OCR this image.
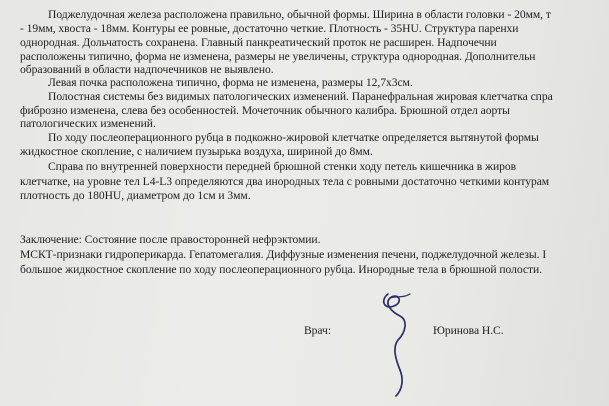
Поджелудочная железа расположена правильно, обычной формы. Ширина в области головки - 20мм, т
- 19мм, хвоста - 18мм. Контуры ее ровные, достаточно четкие. Плотность - 35HU. Структура паренхи
однородная. Дольчатость сохранена. Главный панкреатический проток не расширен. Надпочечни
расположены типично, форма не изменена, размеры не увеличены, структура однородная. Дополнительн
образований в области надпочечников не выявлено.
Левая почка расположена типично, форма не изменена, размеры 12,7х3см.
Полостная системы без видимых патологических изменений. Паранефральная жировая клетчатка спра
фиброзно изменена, слева без особенностей. Мочеточник обычного калибра. Брюшной отдел аорты
патологических изменений.
По ходу послеоперационного рубца в подкожно-жировой клетчатке определяется вытянутой формы
жидкостное скопление, с наличием пузырька воздуха, шириной до 8мм.
Справа по внутренней поверхности передней брюшной стенки ходу петель кишечника в жиров
клетчатке, на уровне тел L4-L3 определяются два инородных тела с ровными достаточно четкими контурам
плотность до 180HU, диаметром до 1см и 3мм.
Заключение: Состояние после правосторонней нефрэктомии.
МСКТ-признаки гидроперикарда. Гепатомегалия. Диффузные изменения печени, поджелудочной железы. I
большое жидкостное скопление по ходу послеоперационного рубца. Инородные тела в брюшной полости.
Врач:	Юринова Н.С.
